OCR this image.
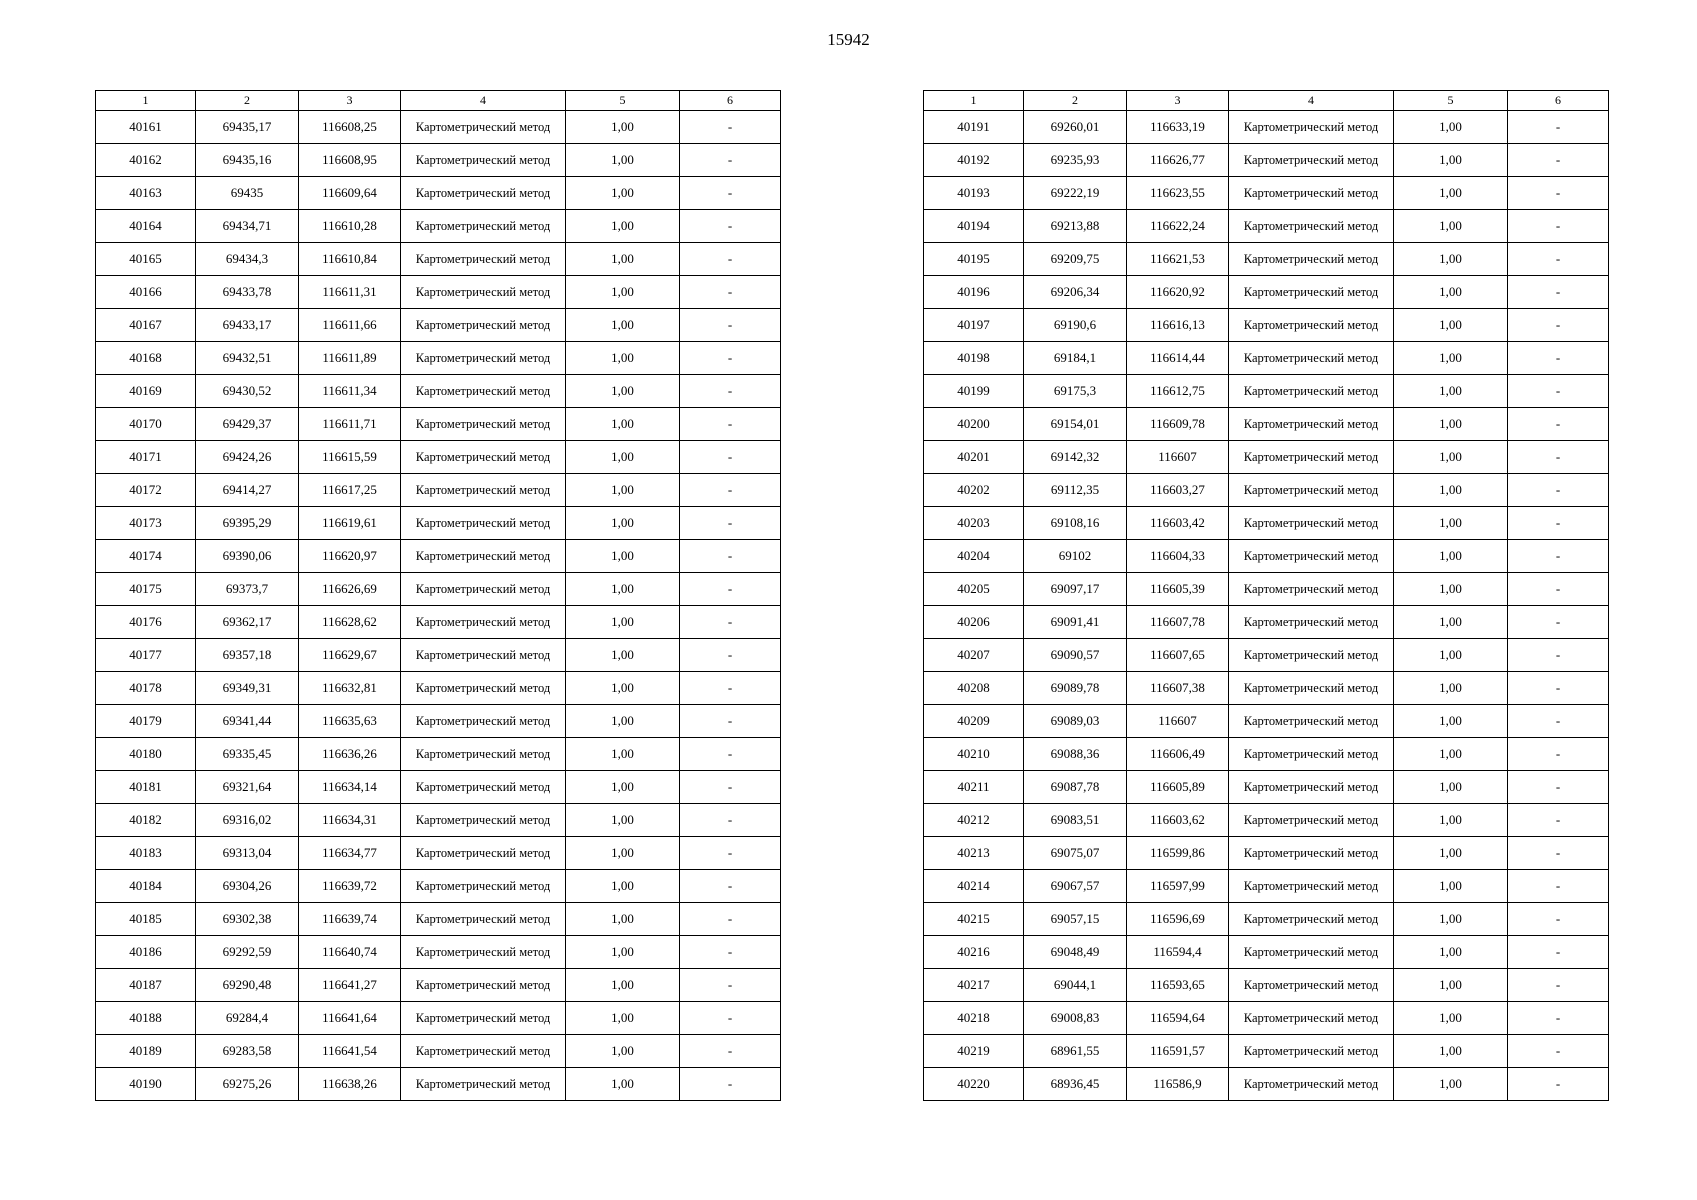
15942
1	2	3	4	5	6
40161	69435,17	116608,25	Картометрический метод	1,00	-
40162	69435,16	116608,95	Картометрический метод	1,00	-
40163	69435	116609,64	Картометрический метод	1,00	-
40164	69434,71	116610,28	Картометрический метод	1,00	-
40165	69434,3	116610,84	Картометрический метод	1,00	-
40166	69433,78	116611,31	Картометрический метод	1,00	-
40167	69433,17	116611,66	Картометрический метод	1,00	-
40168	69432,51	116611,89	Картометрический метод	1,00	-
40169	69430,52	116611,34	Картометрический метод	1,00	-
40170	69429,37	116611,71	Картометрический метод	1,00	-
40171	69424,26	116615,59	Картометрический метод	1,00	-
40172	69414,27	116617,25	Картометрический метод	1,00	-
40173	69395,29	116619,61	Картометрический метод	1,00	-
40174	69390,06	116620,97	Картометрический метод	1,00	-
40175	69373,7	116626,69	Картометрический метод	1,00	-
40176	69362,17	116628,62	Картометрический метод	1,00	-
40177	69357,18	116629,67	Картометрический метод	1,00	-
40178	69349,31	116632,81	Картометрический метод	1,00	-
40179	69341,44	116635,63	Картометрический метод	1,00	-
40180	69335,45	116636,26	Картометрический метод	1,00	-
40181	69321,64	116634,14	Картометрический метод	1,00	-
40182	69316,02	116634,31	Картометрический метод	1,00	-
40183	69313,04	116634,77	Картометрический метод	1,00	-
40184	69304,26	116639,72	Картометрический метод	1,00	-
40185	69302,38	116639,74	Картометрический метод	1,00	-
40186	69292,59	116640,74	Картометрический метод	1,00	-
40187	69290,48	116641,27	Картометрический метод	1,00	-
40188	69284,4	116641,64	Картометрический метод	1,00	-
40189	69283,58	116641,54	Картометрический метод	1,00	-
40190	69275,26	116638,26	Картометрический метод	1,00	-
1	2	3	4	5	6
40191	69260,01	116633,19	Картометрический метод	1,00	-
40192	69235,93	116626,77	Картометрический метод	1,00	-
40193	69222,19	116623,55	Картометрический метод	1,00	-
40194	69213,88	116622,24	Картометрический метод	1,00	-
40195	69209,75	116621,53	Картометрический метод	1,00	-
40196	69206,34	116620,92	Картометрический метод	1,00	-
40197	69190,6	116616,13	Картометрический метод	1,00	-
40198	69184,1	116614,44	Картометрический метод	1,00	-
40199	69175,3	116612,75	Картометрический метод	1,00	-
40200	69154,01	116609,78	Картометрический метод	1,00	-
40201	69142,32	116607	Картометрический метод	1,00	-
40202	69112,35	116603,27	Картометрический метод	1,00	-
40203	69108,16	116603,42	Картометрический метод	1,00	-
40204	69102	116604,33	Картометрический метод	1,00	-
40205	69097,17	116605,39	Картометрический метод	1,00	-
40206	69091,41	116607,78	Картометрический метод	1,00	-
40207	69090,57	116607,65	Картометрический метод	1,00	-
40208	69089,78	116607,38	Картометрический метод	1,00	-
40209	69089,03	116607	Картометрический метод	1,00	-
40210	69088,36	116606,49	Картометрический метод	1,00	-
40211	69087,78	116605,89	Картометрический метод	1,00	-
40212	69083,51	116603,62	Картометрический метод	1,00	-
40213	69075,07	116599,86	Картометрический метод	1,00	-
40214	69067,57	116597,99	Картометрический метод	1,00	-
40215	69057,15	116596,69	Картометрический метод	1,00	-
40216	69048,49	116594,4	Картометрический метод	1,00	-
40217	69044,1	116593,65	Картометрический метод	1,00	-
40218	69008,83	116594,64	Картометрический метод	1,00	-
40219	68961,55	116591,57	Картометрический метод	1,00	-
40220	68936,45	116586,9	Картометрический метод	1,00	-
